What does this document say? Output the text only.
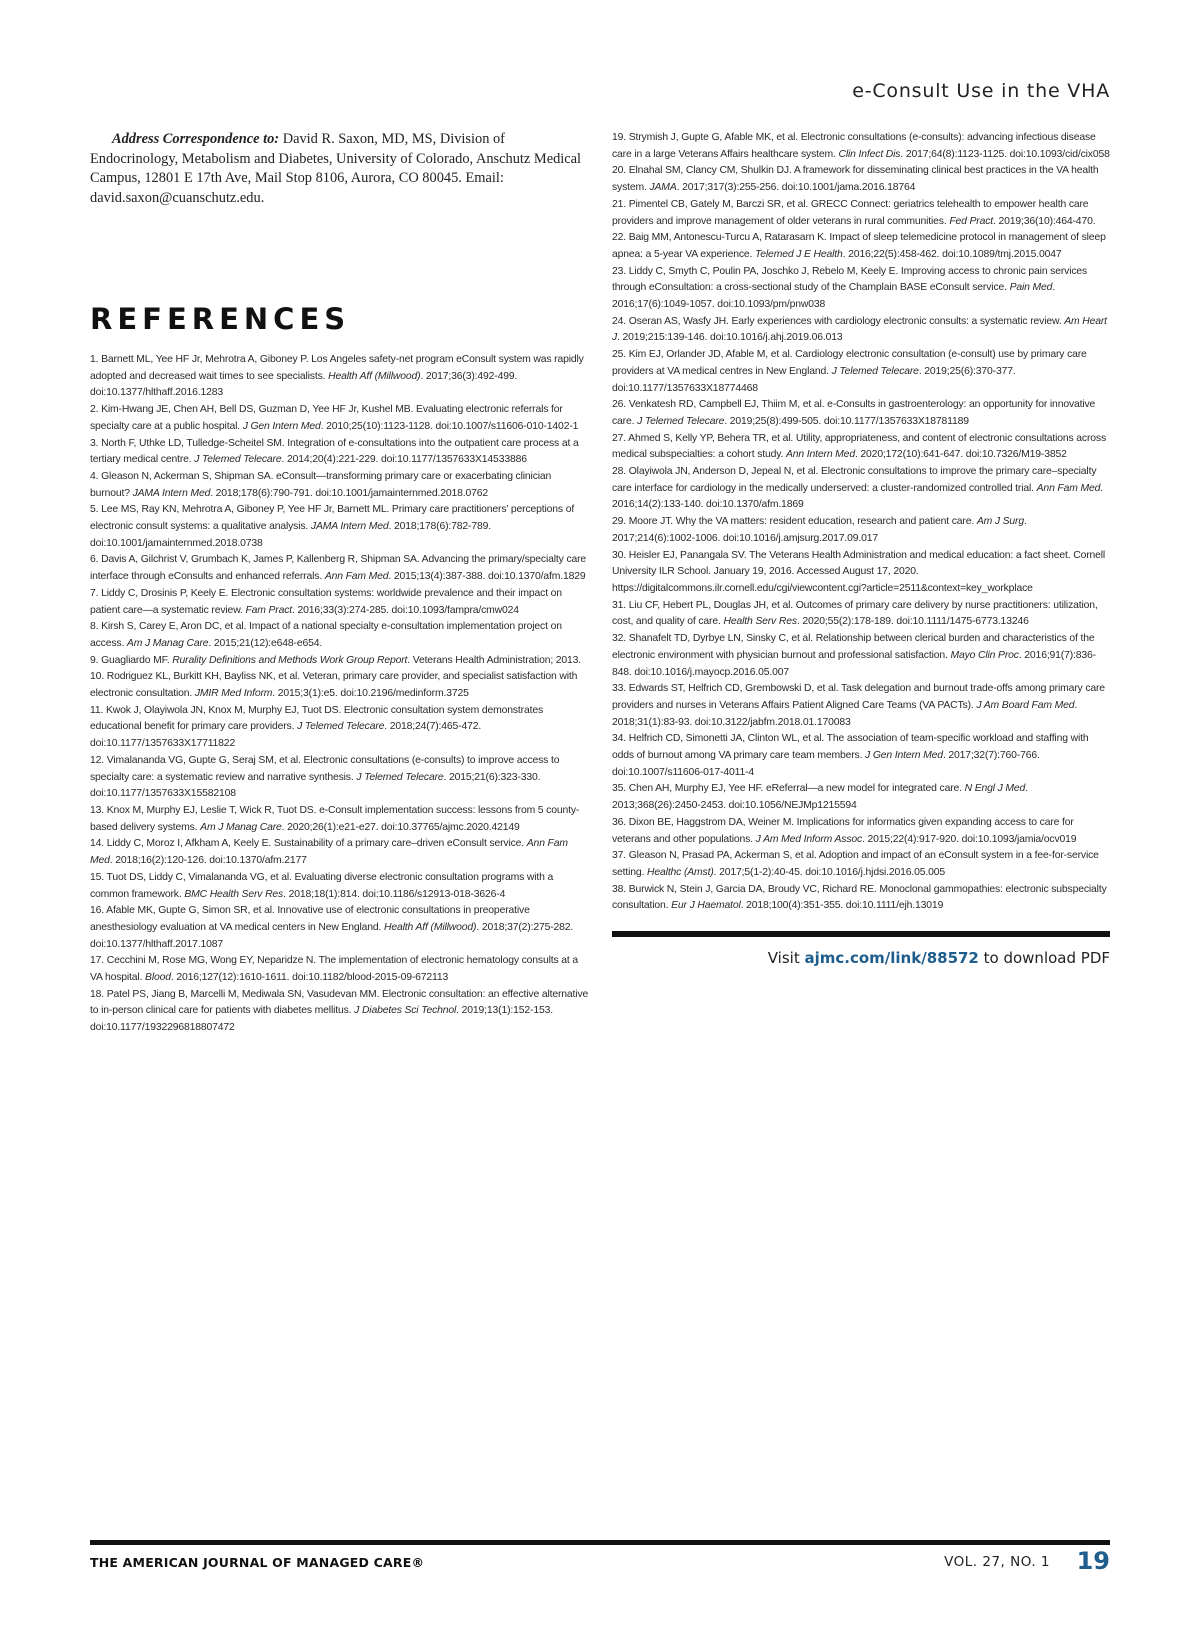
e-Consult Use in the VHA

Address Correspondence to: David R. Saxon, MD, MS, Division of Endocrinology, Metabolism and Diabetes, University of Colorado, Anschutz Medical Campus, 12801 E 17th Ave, Mail Stop 8106, Aurora, CO 80045. Email: david.saxon@cuanschutz.edu.

REFERENCES
1. Barnett ML, Yee HF Jr, Mehrotra A, Giboney P. Los Angeles safety-net program eConsult system was rapidly adopted and decreased wait times to see specialists. Health Aff (Millwood). 2017;36(3):492-499. doi:10.1377/hlthaff.2016.1283
2. Kim-Hwang JE, Chen AH, Bell DS, Guzman D, Yee HF Jr, Kushel MB. Evaluating electronic referrals for specialty care at a public hospital. J Gen Intern Med. 2010;25(10):1123-1128. doi:10.1007/s11606-010-1402-1
3. North F, Uthke LD, Tulledge-Scheitel SM. Integration of e-consultations into the outpatient care process at a tertiary medical centre. J Telemed Telecare. 2014;20(4):221-229. doi:10.1177/1357633X14533886
4. Gleason N, Ackerman S, Shipman SA. eConsult—transforming primary care or exacerbating clinician burnout? JAMA Intern Med. 2018;178(6):790-791. doi:10.1001/jamainternmed.2018.0762
5. Lee MS, Ray KN, Mehrotra A, Giboney P, Yee HF Jr, Barnett ML. Primary care practitioners’ perceptions of electronic consult systems: a qualitative analysis. JAMA Intern Med. 2018;178(6):782-789. doi:10.1001/jamainternmed.2018.0738
6. Davis A, Gilchrist V, Grumbach K, James P, Kallenberg R, Shipman SA. Advancing the primary/specialty care interface through eConsults and enhanced referrals. Ann Fam Med. 2015;13(4):387-388. doi:10.1370/afm.1829
7. Liddy C, Drosinis P, Keely E. Electronic consultation systems: worldwide prevalence and their impact on patient care—a systematic review. Fam Pract. 2016;33(3):274-285. doi:10.1093/fampra/cmw024
8. Kirsh S, Carey E, Aron DC, et al. Impact of a national specialty e-consultation implementation project on access. Am J Manag Care. 2015;21(12):e648-e654.
9. Guagliardo MF. Rurality Definitions and Methods Work Group Report. Veterans Health Administration; 2013.
10. Rodriguez KL, Burkitt KH, Bayliss NK, et al. Veteran, primary care provider, and specialist satisfaction with electronic consultation. JMIR Med Inform. 2015;3(1):e5. doi:10.2196/medinform.3725
11. Kwok J, Olayiwola JN, Knox M, Murphy EJ, Tuot DS. Electronic consultation system demonstrates educational benefit for primary care providers. J Telemed Telecare. 2018;24(7):465-472. doi:10.1177/1357633X17711822
12. Vimalananda VG, Gupte G, Seraj SM, et al. Electronic consultations (e-consults) to improve access to specialty care: a systematic review and narrative synthesis. J Telemed Telecare. 2015;21(6):323-330. doi:10.1177/1357633X15582108
13. Knox M, Murphy EJ, Leslie T, Wick R, Tuot DS. e-Consult implementation success: lessons from 5 county-based delivery systems. Am J Manag Care. 2020;26(1):e21-e27. doi:10.37765/ajmc.2020.42149
14. Liddy C, Moroz I, Afkham A, Keely E. Sustainability of a primary care–driven eConsult service. Ann Fam Med. 2018;16(2):120-126. doi:10.1370/afm.2177
15. Tuot DS, Liddy C, Vimalananda VG, et al. Evaluating diverse electronic consultation programs with a common framework. BMC Health Serv Res. 2018;18(1):814. doi:10.1186/s12913-018-3626-4
16. Afable MK, Gupte G, Simon SR, et al. Innovative use of electronic consultations in preoperative anesthesiology evaluation at VA medical centers in New England. Health Aff (Millwood). 2018;37(2):275-282. doi:10.1377/hlthaff.2017.1087
17. Cecchini M, Rose MG, Wong EY, Neparidze N. The implementation of electronic hematology consults at a VA hospital. Blood. 2016;127(12):1610-1611. doi:10.1182/blood-2015-09-672113
18. Patel PS, Jiang B, Marcelli M, Mediwala SN, Vasudevan MM. Electronic consultation: an effective alternative to in-person clinical care for patients with diabetes mellitus. J Diabetes Sci Technol. 2019;13(1):152-153. doi:10.1177/1932296818807472
19. Strymish J, Gupte G, Afable MK, et al. Electronic consultations (e-consults): advancing infectious disease care in a large Veterans Affairs healthcare system. Clin Infect Dis. 2017;64(8):1123-1125. doi:10.1093/cid/cix058
20. Elnahal SM, Clancy CM, Shulkin DJ. A framework for disseminating clinical best practices in the VA health system. JAMA. 2017;317(3):255-256. doi:10.1001/jama.2016.18764
21. Pimentel CB, Gately M, Barczi SR, et al. GRECC Connect: geriatrics telehealth to empower health care providers and improve management of older veterans in rural communities. Fed Pract. 2019;36(10):464-470.
22. Baig MM, Antonescu-Turcu A, Ratarasarn K. Impact of sleep telemedicine protocol in management of sleep apnea: a 5-year VA experience. Telemed J E Health. 2016;22(5):458-462. doi:10.1089/tmj.2015.0047
23. Liddy C, Smyth C, Poulin PA, Joschko J, Rebelo M, Keely E. Improving access to chronic pain services through eConsultation: a cross-sectional study of the Champlain BASE eConsult service. Pain Med. 2016;17(6):1049-1057. doi:10.1093/pm/pnw038
24. Oseran AS, Wasfy JH. Early experiences with cardiology electronic consults: a systematic review. Am Heart J. 2019;215:139-146. doi:10.1016/j.ahj.2019.06.013
25. Kim EJ, Orlander JD, Afable M, et al. Cardiology electronic consultation (e-consult) use by primary care providers at VA medical centres in New England. J Telemed Telecare. 2019;25(6):370-377. doi:10.1177/1357633X18774468
26. Venkatesh RD, Campbell EJ, Thiim M, et al. e-Consults in gastroenterology: an opportunity for innovative care. J Telemed Telecare. 2019;25(8):499-505. doi:10.1177/1357633X18781189
27. Ahmed S, Kelly YP, Behera TR, et al. Utility, appropriateness, and content of electronic consultations across medical subspecialties: a cohort study. Ann Intern Med. 2020;172(10):641-647. doi:10.7326/M19-3852
28. Olayiwola JN, Anderson D, Jepeal N, et al. Electronic consultations to improve the primary care–specialty care interface for cardiology in the medically underserved: a cluster-randomized controlled trial. Ann Fam Med. 2016;14(2):133-140. doi:10.1370/afm.1869
29. Moore JT. Why the VA matters: resident education, research and patient care. Am J Surg. 2017;214(6):1002-1006. doi:10.1016/j.amjsurg.2017.09.017
30. Heisler EJ, Panangala SV. The Veterans Health Administration and medical education: a fact sheet. Cornell University ILR School. January 19, 2016. Accessed August 17, 2020. https://digitalcommons.ilr.cornell.edu/cgi/viewcontent.cgi?article=2511&context=key_workplace
31. Liu CF, Hebert PL, Douglas JH, et al. Outcomes of primary care delivery by nurse practitioners: utilization, cost, and quality of care. Health Serv Res. 2020;55(2):178-189. doi:10.1111/1475-6773.13246
32. Shanafelt TD, Dyrbye LN, Sinsky C, et al. Relationship between clerical burden and characteristics of the electronic environment with physician burnout and professional satisfaction. Mayo Clin Proc. 2016;91(7):836-848. doi:10.1016/j.mayocp.2016.05.007
33. Edwards ST, Helfrich CD, Grembowski D, et al. Task delegation and burnout trade-offs among primary care providers and nurses in Veterans Affairs Patient Aligned Care Teams (VA PACTs). J Am Board Fam Med. 2018;31(1):83-93. doi:10.3122/jabfm.2018.01.170083
34. Helfrich CD, Simonetti JA, Clinton WL, et al. The association of team-specific workload and staffing with odds of burnout among VA primary care team members. J Gen Intern Med. 2017;32(7):760-766. doi:10.1007/s11606-017-4011-4
35. Chen AH, Murphy EJ, Yee HF. eReferral—a new model for integrated care. N Engl J Med. 2013;368(26):2450-2453. doi:10.1056/NEJMp1215594
36. Dixon BE, Haggstrom DA, Weiner M. Implications for informatics given expanding access to care for veterans and other populations. J Am Med Inform Assoc. 2015;22(4):917-920. doi:10.1093/jamia/ocv019
37. Gleason N, Prasad PA, Ackerman S, et al. Adoption and impact of an eConsult system in a fee-for-service setting. Healthc (Amst). 2017;5(1-2):40-45. doi:10.1016/j.hjdsi.2016.05.005
38. Burwick N, Stein J, Garcia DA, Broudy VC, Richard RE. Monoclonal gammopathies: electronic subspecialty consultation. Eur J Haematol. 2018;100(4):351-355. doi:10.1111/ejh.13019
Visit ajmc.com/link/88572 to download PDF
THE AMERICAN JOURNAL OF MANAGED CARE®	VOL. 27, NO. 1 19
